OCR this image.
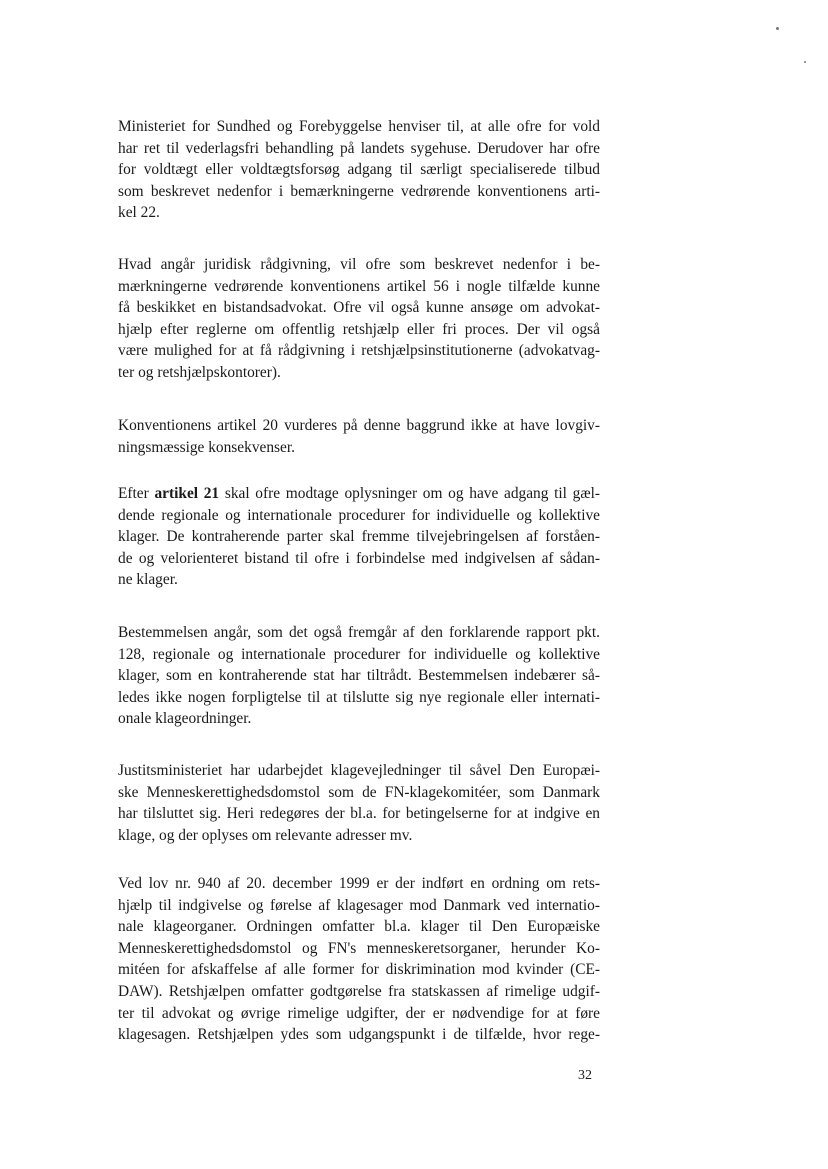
Ministeriet for Sundhed og Forebyggelse henviser til, at alle ofre for vold
har ret til vederlagsfri behandling på landets sygehuse. Derudover har ofre
for voldtægt eller voldtægtsforsøg adgang til særligt specialiserede tilbud
som beskrevet nedenfor i bemærkningerne vedrørende konventionens arti-
kel 22.
Hvad angår juridisk rådgivning, vil ofre som beskrevet nedenfor i be-
mærkningerne vedrørende konventionens artikel 56 i nogle tilfælde kunne
få beskikket en bistandsadvokat. Ofre vil også kunne ansøge om advokat-
hjælp efter reglerne om offentlig retshjælp eller fri proces. Der vil også
være mulighed for at få rådgivning i retshjælpsinstitutionerne (advokatvag-
ter og retshjælpskontorer).
Konventionens artikel 20 vurderes på denne baggrund ikke at have lovgiv-
ningsmæssige konsekvenser.
Efter artikel 21 skal ofre modtage oplysninger om og have adgang til gæl-
dende regionale og internationale procedurer for individuelle og kollektive
klager. De kontraherende parter skal fremme tilvejebringelsen af forståen-
de og velorienteret bistand til ofre i forbindelse med indgivelsen af sådan-
ne klager.
Bestemmelsen angår, som det også fremgår af den forklarende rapport pkt.
128, regionale og internationale procedurer for individuelle og kollektive
klager, som en kontraherende stat har tiltrådt. Bestemmelsen indebærer så-
ledes ikke nogen forpligtelse til at tilslutte sig nye regionale eller internati-
onale klageordninger.
Justitsministeriet har udarbejdet klagevejledninger til såvel Den Europæi-
ske Menneskerettighedsdomstol som de FN-klagekomitéer, som Danmark
har tilsluttet sig. Heri redegøres der bl.a. for betingelserne for at indgive en
klage, og der oplyses om relevante adresser mv.
Ved lov nr. 940 af 20. december 1999 er der indført en ordning om rets-
hjælp til indgivelse og førelse af klagesager mod Danmark ved internatio-
nale klageorganer. Ordningen omfatter bl.a. klager til Den Europæiske
Menneskerettighedsdomstol og FN's menneskeretsorganer, herunder Ko-
mitéen for afskaffelse af alle former for diskrimination mod kvinder (CE-
DAW). Retshjælpen omfatter godtgørelse fra statskassen af rimelige udgif-
ter til advokat og øvrige rimelige udgifter, der er nødvendige for at føre
klagesagen. Retshjælpen ydes som udgangspunkt i de tilfælde, hvor rege-
32
